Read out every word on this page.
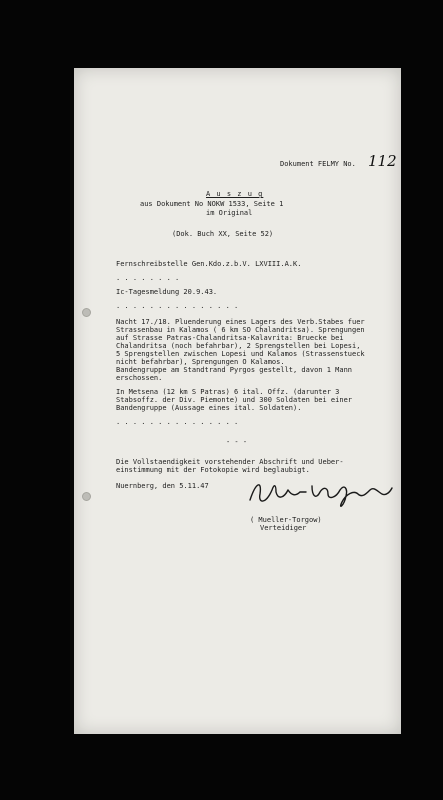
Dokument FELMY No. 112
A u s z u g
aus Dokument No NOKW 1533, Seite 1
im Original
(Dok. Buch XX, Seite 52)
Fernschreibstelle Gen.Kdo.z.b.V. LXVIII.A.K.
. . . . . . . .
Ic-Tagesmeldung 20.9.43.
. . . . . . . . . . . . . . .
Nacht 17./18. Pluenderung eines Lagers des Verb.Stabes fuer
Strassenbau in Kalamos ( 6 km SO Chalandritsa). Sprengungen
auf Strasse Patras-Chalandritsa-Kalavrita: Bruecke bei
Chalandritsa (noch befahrbar), 2 Sprengstellen bei Lopesi,
5 Sprengstellen zwischen Lopesi und Kalamos (Strassenstueck
nicht befahrbar), Sprengungen O Kalamos.
Bandengruppe am Standtrand Pyrgos gestellt, davon 1 Mann
erschossen.
In Metsena (12 km S Patras) 6 ital. Offz. (darunter 3
Stabsoffz. der Div. Piemonte) und 300 Soldaten bei einer
Bandengruppe (Aussage eines ital. Soldaten).
. . . . . . . . . . . . . . .
- - -
Die Vollstaendigkeit vorstehender Abschrift und Ueber-
einstimmung mit der Fotokopie wird beglaubigt.
Nuernberg, den 5.11.47
( Mueller-Torgow)
Verteidiger
